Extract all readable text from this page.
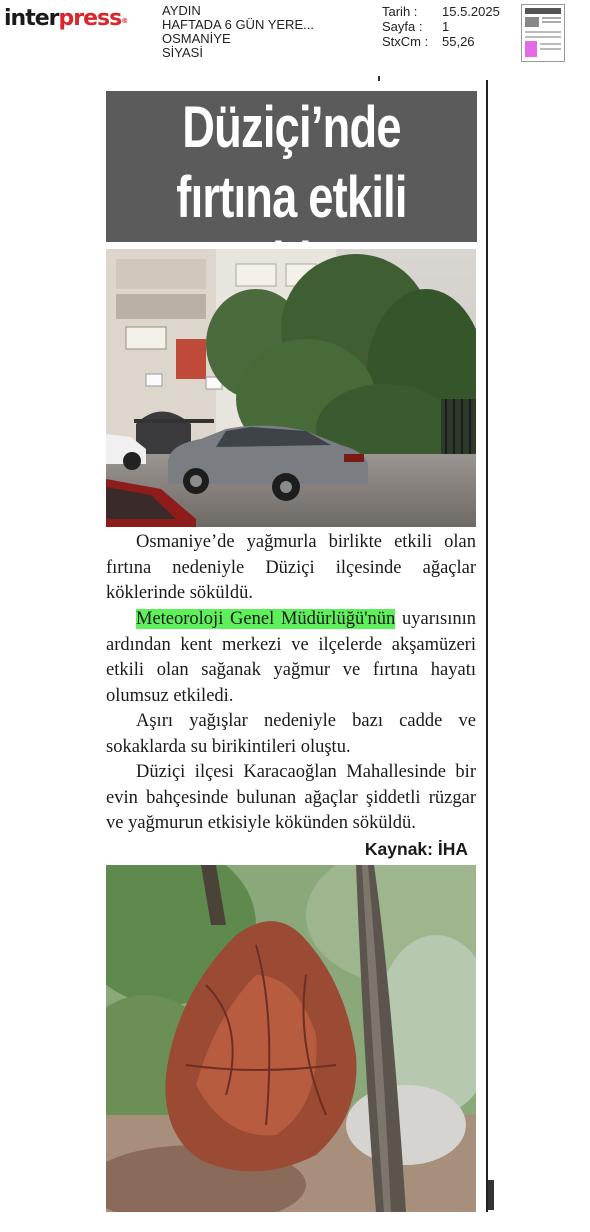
interpress®
AYDIN
HAFTADA 6 GÜN YERE...
OSMANİYE
SİYASİ
Tarih :	15.5.2025
Sayfa :	1
StxCm :	55,26
Düziçi’nde
fırtına etkili
Osmaniye’de yağmurla birlikte etkili olan fırtına nedeniyle Düziçi ilçesinde ağaçlar köklerinde söküldü.
Meteoroloji Genel Müdürlüğü'nün uyarısının ardından kent merkezi ve ilçelerde akşamüzeri etkili olan sağanak yağmur ve fırtına hayatı olumsuz etkiledi.
Aşırı yağışlar nedeniyle bazı cadde ve sokaklarda su birikintileri oluştu.
Düziçi ilçesi Karacaoğlan Mahallesinde bir evin bahçesinde bulunan ağaçlar şiddetli rüzgar ve yağmurun etkisiyle kökünden söküldü.
Kaynak: İHA
